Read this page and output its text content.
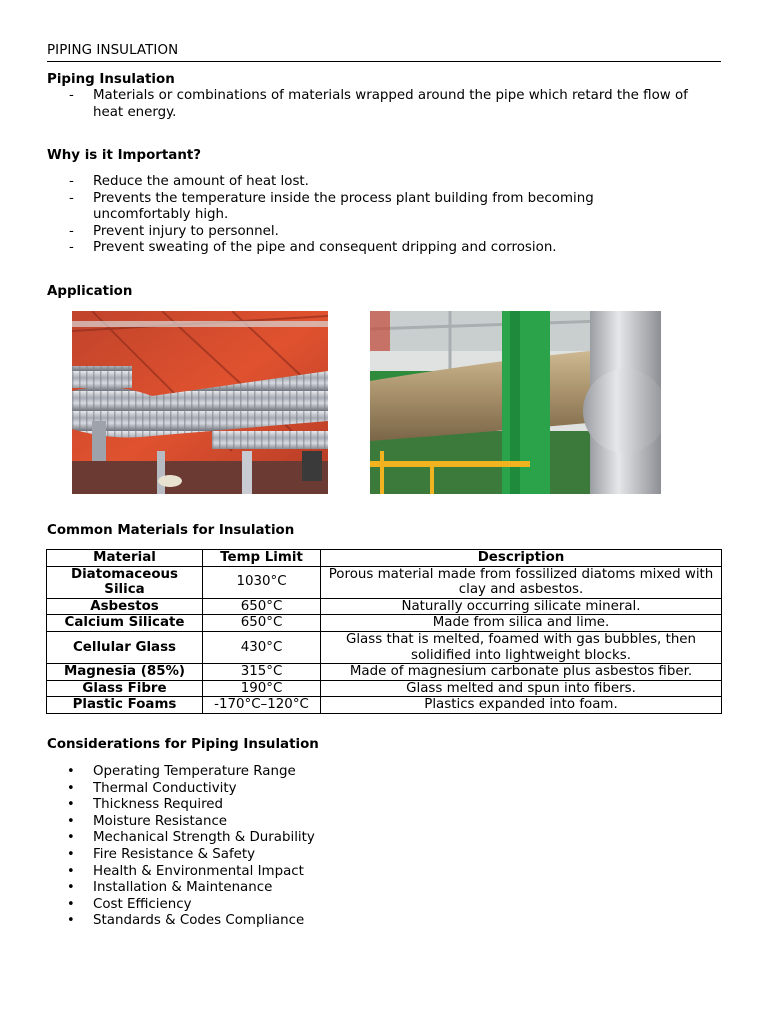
PIPING INSULATION
Piping Insulation
- Materials or combinations of materials wrapped around the pipe which retard the flow of heat energy.
Why is it Important?
- Reduce the amount of heat lost.
- Prevents the temperature inside the process plant building from becoming uncomfortably high.
- Prevent injury to personnel.
- Prevent sweating of the pipe and consequent dripping and corrosion.
Application
Common Materials for Insulation
Material	Temp Limit	Description
Diatomaceous Silica	1030°C	Porous material made from fossilized diatoms mixed with clay and asbestos.
Asbestos	650°C	Naturally occurring silicate mineral.
Calcium Silicate	650°C	Made from silica and lime.
Cellular Glass	430°C	Glass that is melted, foamed with gas bubbles, then solidified into lightweight blocks.
Magnesia (85%)	315°C	Made of magnesium carbonate plus asbestos fiber.
Glass Fibre	190°C	Glass melted and spun into fibers.
Plastic Foams	-170°C–120°C	Plastics expanded into foam.
Considerations for Piping Insulation
• Operating Temperature Range
• Thermal Conductivity
• Thickness Required
• Moisture Resistance
• Mechanical Strength & Durability
• Fire Resistance & Safety
• Health & Environmental Impact
• Installation & Maintenance
• Cost Efficiency
• Standards & Codes Compliance
